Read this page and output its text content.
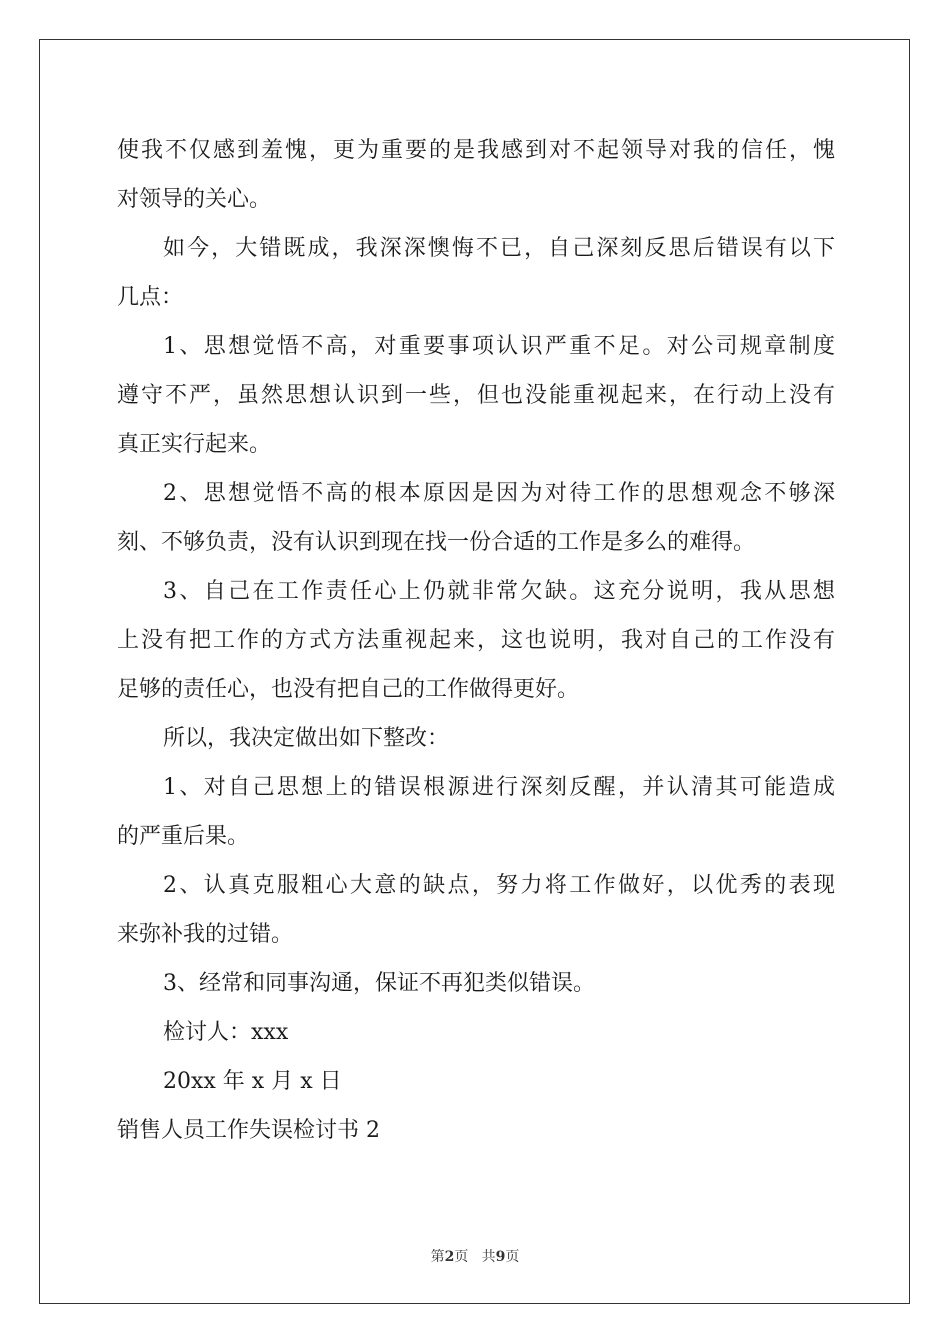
使我不仅感到羞愧，更为重要的是我感到对不起领导对我的信任，愧
对领导的关心。
如今，大错既成，我深深懊悔不已，自己深刻反思后错误有以下
几点：
1、思想觉悟不高，对重要事项认识严重不足。对公司规章制度
遵守不严，虽然思想认识到一些，但也没能重视起来，在行动上没有
真正实行起来。
2、思想觉悟不高的根本原因是因为对待工作的思想观念不够深
刻、不够负责，没有认识到现在找一份合适的工作是多么的难得。
3、自己在工作责任心上仍就非常欠缺。这充分说明，我从思想
上没有把工作的方式方法重视起来，这也说明，我对自己的工作没有
足够的责任心，也没有把自己的工作做得更好。
所以，我决定做出如下整改：
1、对自己思想上的错误根源进行深刻反醒，并认清其可能造成
的严重后果。
2、认真克服粗心大意的缺点，努力将工作做好，以优秀的表现
来弥补我的过错。
3、经常和同事沟通，保证不再犯类似错误。
检讨人：xxx
20xx 年 x 月 x 日
销售人员工作失误检讨书 2
第2页 共9页
